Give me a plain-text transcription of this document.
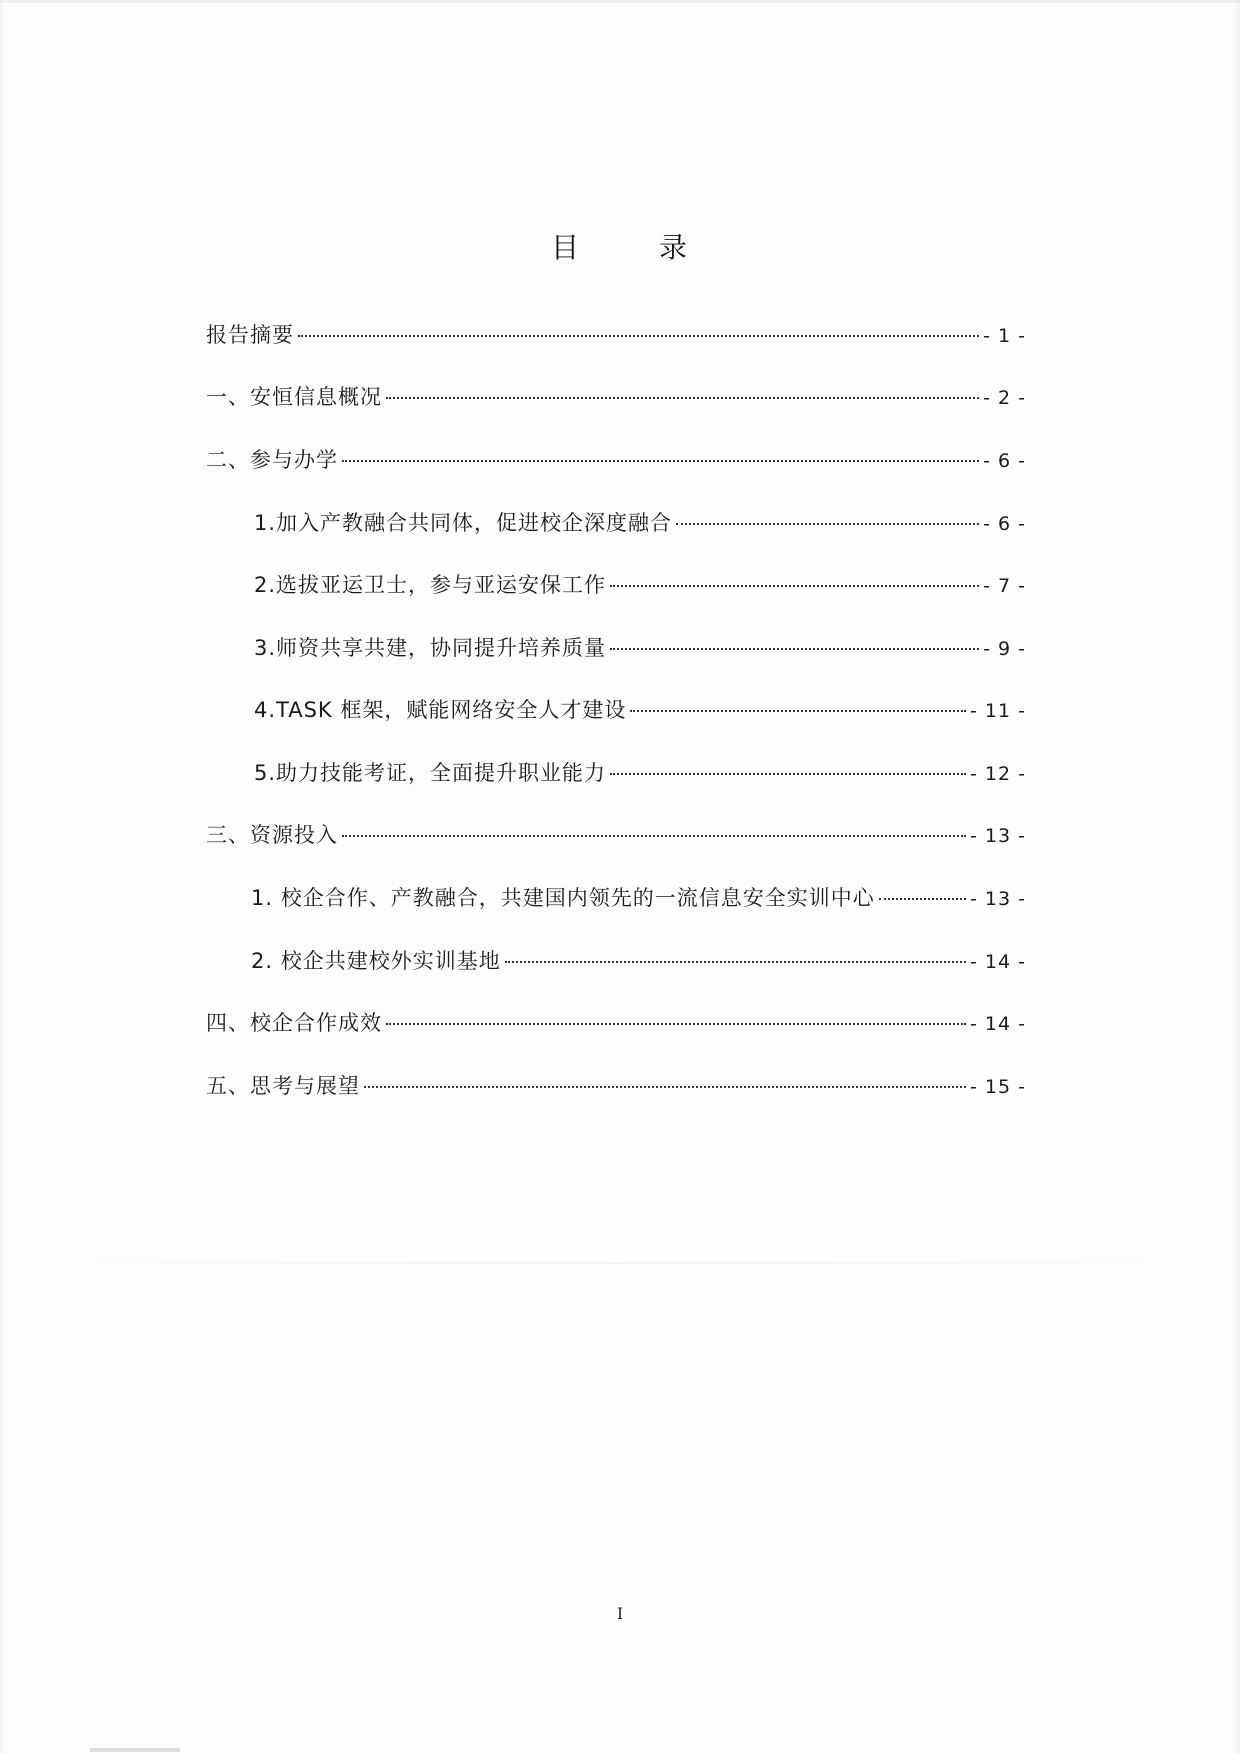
目	录
报告摘要	- 1 -
一、安恒信息概况	- 2 -
二、参与办学	- 6 -
1.加入产教融合共同体，促进校企深度融合	- 6 -
2.选拔亚运卫士，参与亚运安保工作	- 7 -
3.师资共享共建，协同提升培养质量	- 9 -
4.TASK 框架，赋能网络安全人才建设	- 11 -
5.助力技能考证，全面提升职业能力	- 12 -
三、资源投入	- 13 -
1. 校企合作、产教融合，共建国内领先的一流信息安全实训中心	- 13 -
2. 校企共建校外实训基地	- 14 -
四、校企合作成效	- 14 -
五、思考与展望	- 15 -
I
